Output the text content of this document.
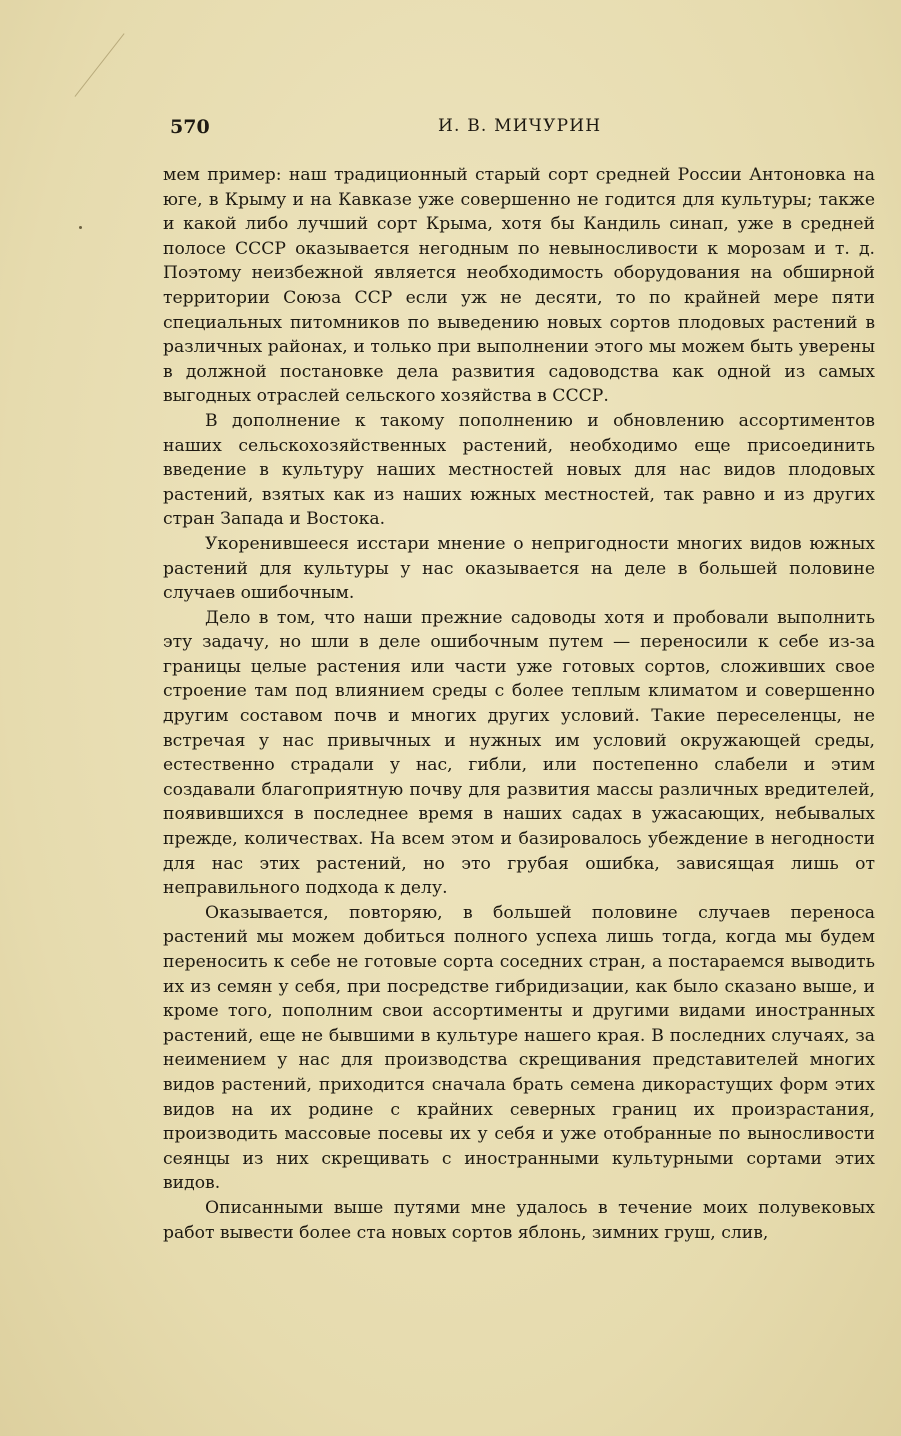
570	И. В. МИЧУРИН

мем пример: наш традиционный старый сорт средней России Антоновка на юге, в Крыму и на Кавказе уже совершенно не годится для культуры; также и какой либо лучший сорт Крыма, хотя бы Кандиль синап, уже в средней полосе СССР оказывается негодным по невыносливости к морозам и т. д. Поэтому неизбежной является необходимость оборудования на обширной территории Союза ССР если уж не десяти, то по крайней мере пяти специальных питомников по выведению новых сортов плодовых растений в различных районах, и только при выполнении этого мы можем быть уверены в должной постановке дела развития садоводства как одной из самых выгодных отраслей сельского хозяйства в СССР.

В дополнение к такому пополнению и обновлению ассортиментов наших сельскохозяйственных растений, необходимо еще присоединить введение в культуру наших местностей новых для нас видов плодовых растений, взятых как из наших южных местностей, так равно и из других стран Запада и Востока.

Укоренившееся исстари мнение о непригодности многих видов южных растений для культуры у нас оказывается на деле в большей половине случаев ошибочным.

Дело в том, что наши прежние садоводы хотя и пробовали выполнить эту задачу, но шли в деле ошибочным путем — переносили к себе из-за границы целые растения или части уже готовых сортов, сложивших свое строение там под влиянием среды с более теплым климатом и совершенно другим составом почв и многих других условий. Такие переселенцы, не встречая у нас привычных и нужных им условий окружающей среды, естественно страдали у нас, гибли, или постепенно слабели и этим создавали благоприятную почву для развития массы различных вредителей, появившихся в последнее время в наших садах в ужасающих, небывалых прежде, количествах. На всем этом и базировалось убеждение в негодности для нас этих растений, но это грубая ошибка, зависящая лишь от неправильного подхода к делу.

Оказывается, повторяю, в большей половине случаев переноса растений мы можем добиться полного успеха лишь тогда, когда мы будем переносить к себе не готовые сорта соседних стран, а постараемся выводить их из семян у себя, при посредстве гибридизации, как было сказано выше, и кроме того, пополним свои ассортименты и другими видами иностранных растений, еще не бывшими в культуре нашего края. В последних случаях, за неимением у нас для производства скрещивания представителей многих видов растений, приходится сначала брать семена дикорастущих форм этих видов на их родине с крайних северных границ их произрастания, производить массовые посевы их у себя и уже отобранные по выносливости сеянцы из них скрещивать с иностранными культурными сортами этих видов.

Описанными выше путями мне удалось в течение моих полувековых работ вывести более ста новых сортов яблонь, зимних груш, слив,
